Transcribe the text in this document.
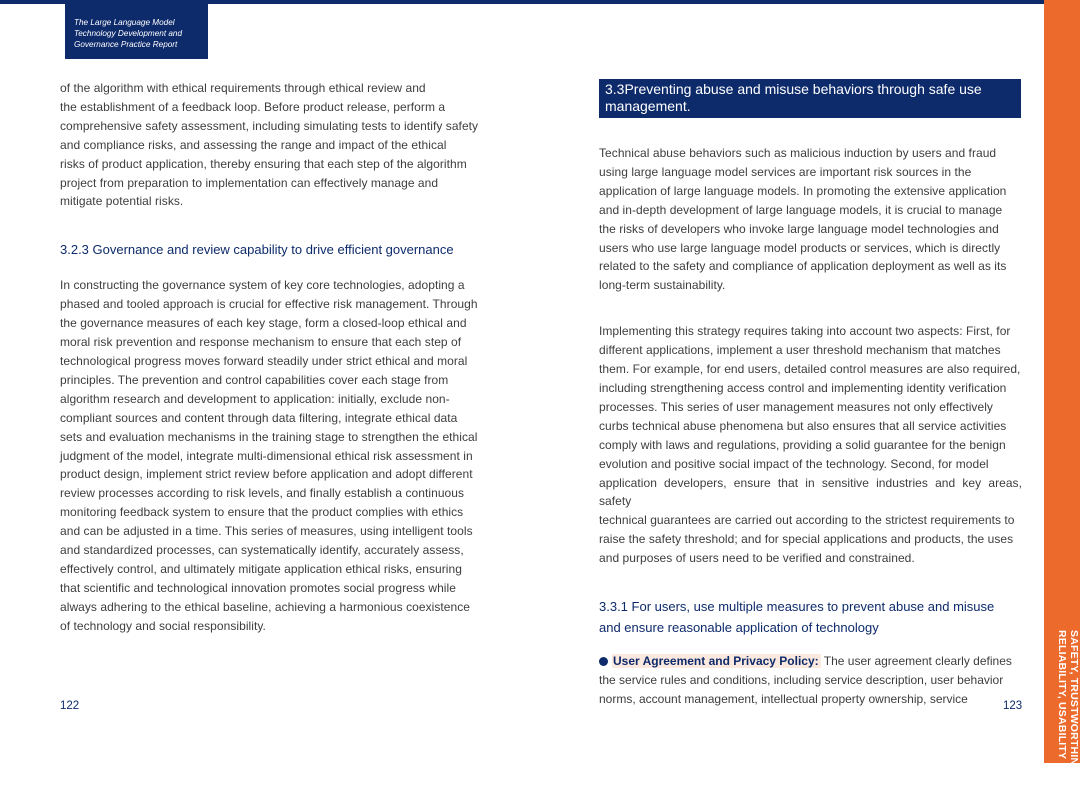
The Large Language Model
Technology Development and
Governance Practice Report

of the algorithm with ethical requirements through ethical review and
the establishment of a feedback loop. Before product release, perform a
comprehensive safety assessment, including simulating tests to identify safety
and compliance risks, and assessing the range and impact of the ethical
risks of product application, thereby ensuring that each step of the algorithm
project from preparation to implementation can effectively manage and
mitigate potential risks.

3.2.3 Governance and review capability to drive efficient governance

In constructing the governance system of key core technologies, adopting a
phased and tooled approach is crucial for effective risk management. Through
the governance measures of each key stage, form a closed-loop ethical and
moral risk prevention and response mechanism to ensure that each step of
technological progress moves forward steadily under strict ethical and moral
principles. The prevention and control capabilities cover each stage from
algorithm research and development to application: initially, exclude non-
compliant sources and content through data filtering, integrate ethical data
sets and evaluation mechanisms in the training stage to strengthen the ethical
judgment of the model, integrate multi-dimensional ethical risk assessment in
product design, implement strict review before application and adopt different
review processes according to risk levels, and finally establish a continuous
monitoring feedback system to ensure that the product complies with ethics
and can be adjusted in a time. This series of measures, using intelligent tools
and standardized processes, can systematically identify, accurately assess,
effectively control, and ultimately mitigate application ethical risks, ensuring
that scientific and technological innovation promotes social progress while
always adhering to the ethical baseline, achieving a harmonious coexistence
of technology and social responsibility.

122
3.3Preventing abuse and misuse behaviors through safe use
management.

Technical abuse behaviors such as malicious induction by users and fraud
using large language model services are important risk sources in the
application of large language models. In promoting the extensive application
and in-depth development of large language models, it is crucial to manage
the risks of developers who invoke large language model technologies and
users who use large language model products or services, which is directly
related to the safety and compliance of application deployment as well as its
long-term sustainability.

Implementing this strategy requires taking into account two aspects: First, for
different applications, implement a user threshold mechanism that matches
them. For example, for end users, detailed control measures are also required,
including strengthening access control and implementing identity verification
processes. This series of user management measures not only effectively
curbs technical abuse phenomena but also ensures that all service activities
comply with laws and regulations, providing a solid guarantee for the benign
evolution and positive social impact of the technology. Second, for model
application developers, ensure that in sensitive industries and key areas, safety
technical guarantees are carried out according to the strictest requirements to
raise the safety threshold; and for special applications and products, the uses
and purposes of users need to be verified and constrained.

3.3.1 For users, use multiple measures to prevent abuse and misuse
and ensure reasonable application of technology

User Agreement and Privacy Policy: The user agreement clearly defines
the service rules and conditions, including service description, user behavior
norms, account management, intellectual property ownership, service	123	SAFETY, TRUSTWORTHINESS
RELIABILITY, USABILITY
